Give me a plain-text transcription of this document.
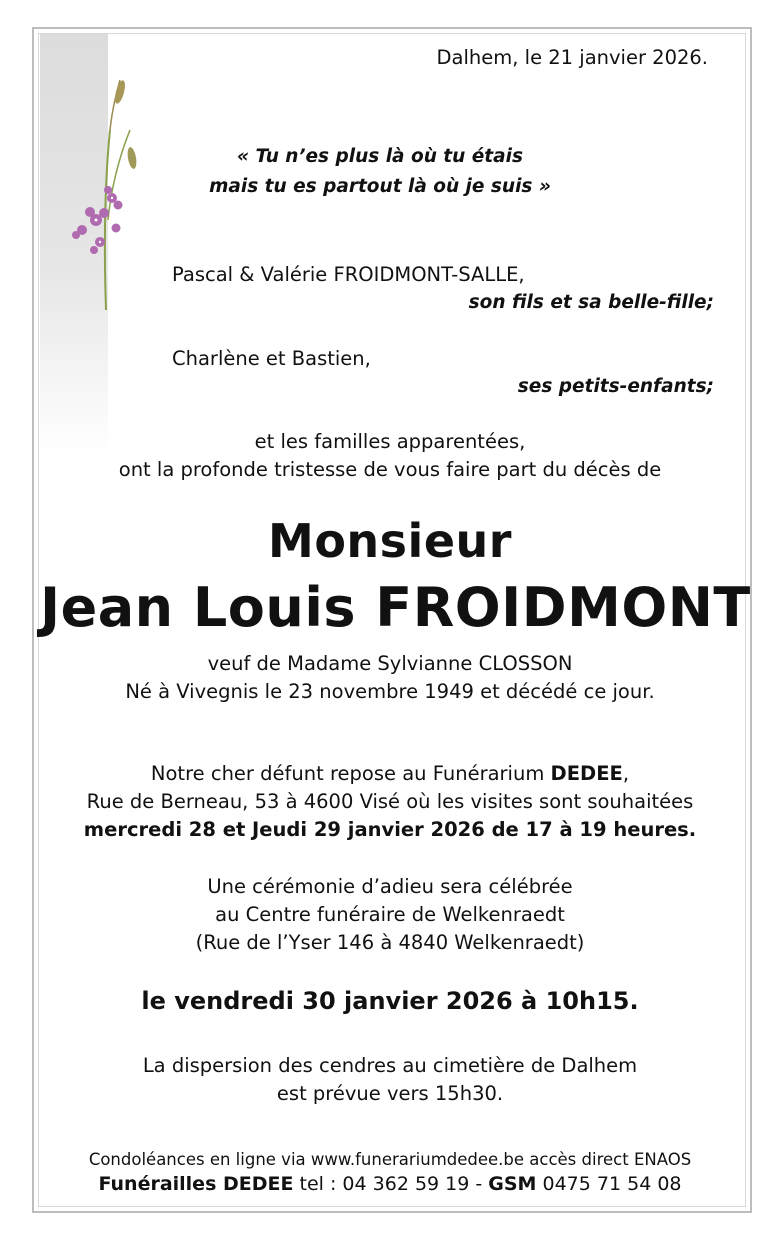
Dalhem, le 21 janvier 2026.

« Tu n’es plus là où tu étais

mais tu es partout là où je suis »

Pascal & Valérie FROIDMONT-SALLE,

son fils et sa belle-fille;

Charlène et Bastien,

ses petits-enfants;

et les familles apparentées,

ont la profonde tristesse de vous faire part du décès de

Monsieur

Jean Louis FROIDMONT

veuf de Madame Sylvianne CLOSSON

Né à Vivegnis le 23 novembre 1949 et décédé ce jour.

Notre cher défunt repose au Funérarium DEDEE,

Rue de Berneau, 53 à 4600 Visé où les visites sont souhaitées

mercredi 28 et Jeudi 29 janvier 2026 de 17 à 19 heures.

Une cérémonie d’adieu sera célébrée

au Centre funéraire de Welkenraedt

(Rue de l’Yser 146 à 4840 Welkenraedt)

le vendredi 30 janvier 2026 à 10h15.

La dispersion des cendres au cimetière de Dalhem

est prévue vers 15h30.

Condoléances en ligne via www.funerariumdedee.be accès direct ENAOS

Funérailles DEDEE tel : 04 362 59 19 - GSM 0475 71 54 08
